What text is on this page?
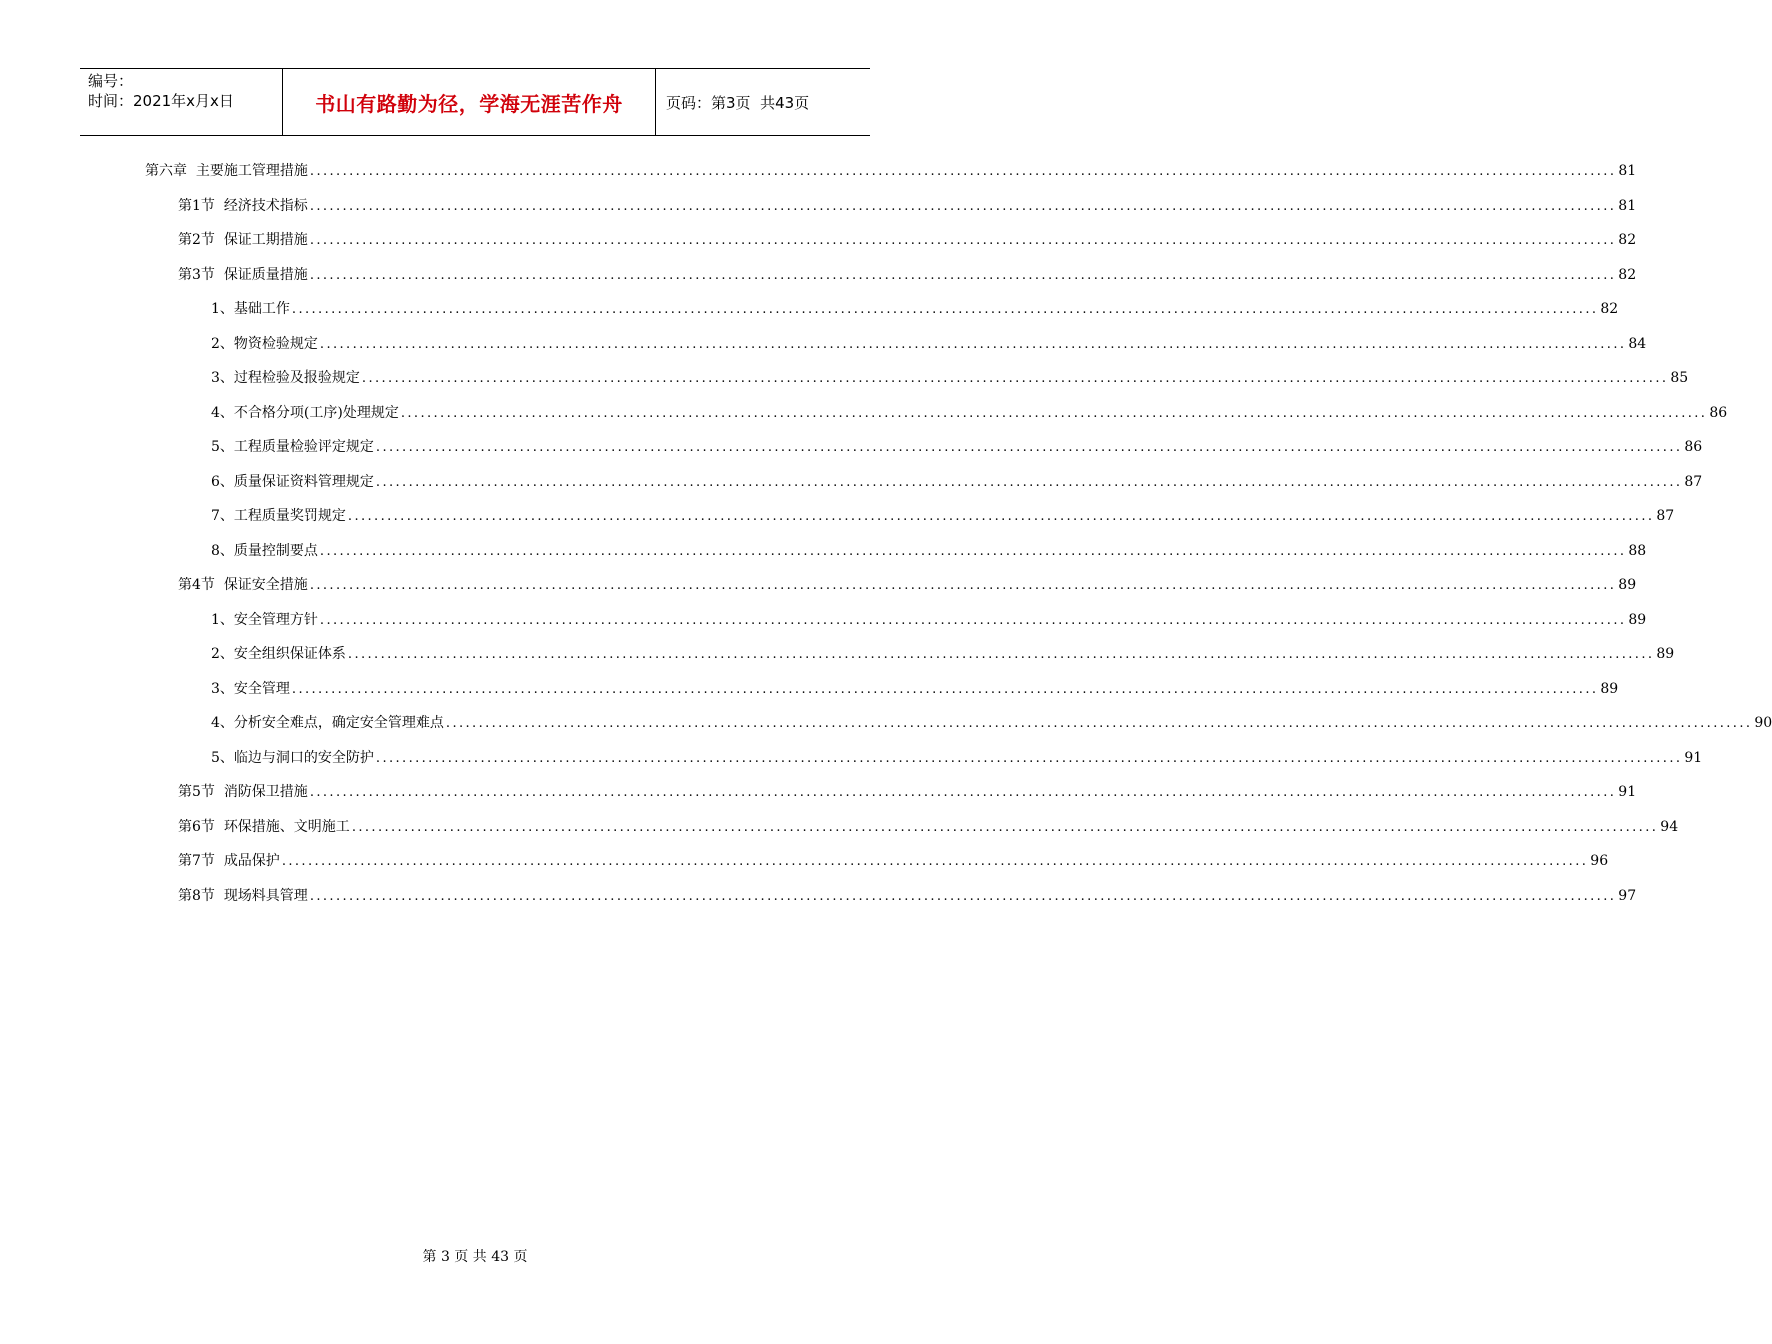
编号：
时间：2021年x月x日	书山有路勤为径，学海无涯苦作舟	页码：第3页  共43页
第六章 主要施工管理措施 ........................................................................................................................................................................................................ 81
第1节 经济技术指标 ........................................................................................................................................................................................................ 81
第2节 保证工期措施 ........................................................................................................................................................................................................ 82
第3节 保证质量措施 ........................................................................................................................................................................................................ 82
1、 基础工作 ........................................................................................................................................................................................................ 82
2、 物资检验规定 ........................................................................................................................................................................................................ 84
3、 过程检验及报验规定 ........................................................................................................................................................................................................ 85
4、 不合格分项(工序)处理规定 ........................................................................................................................................................................................................ 86
5、 工程质量检验评定规定 ........................................................................................................................................................................................................ 86
6、 质量保证资料管理规定 ........................................................................................................................................................................................................ 87
7、 工程质量奖罚规定 ........................................................................................................................................................................................................ 87
8、 质量控制要点 ........................................................................................................................................................................................................ 88
第4节 保证安全措施 ........................................................................................................................................................................................................ 89
1、 安全管理方针 ........................................................................................................................................................................................................ 89
2、 安全组织保证体系 ........................................................................................................................................................................................................ 89
3、 安全管理 ........................................................................................................................................................................................................ 89
4、 分析安全难点，确定安全管理难点 ........................................................................................................................................................................................................ 90
5、 临边与洞口的安全防护 ........................................................................................................................................................................................................ 91
第5节 消防保卫措施 ........................................................................................................................................................................................................ 91
第6节 环保措施、文明施工 ........................................................................................................................................................................................................ 94
第7节 成品保护 ........................................................................................................................................................................................................ 96
第8节 现场料具管理 ........................................................................................................................................................................................................ 97
第 3 页 共 43 页
